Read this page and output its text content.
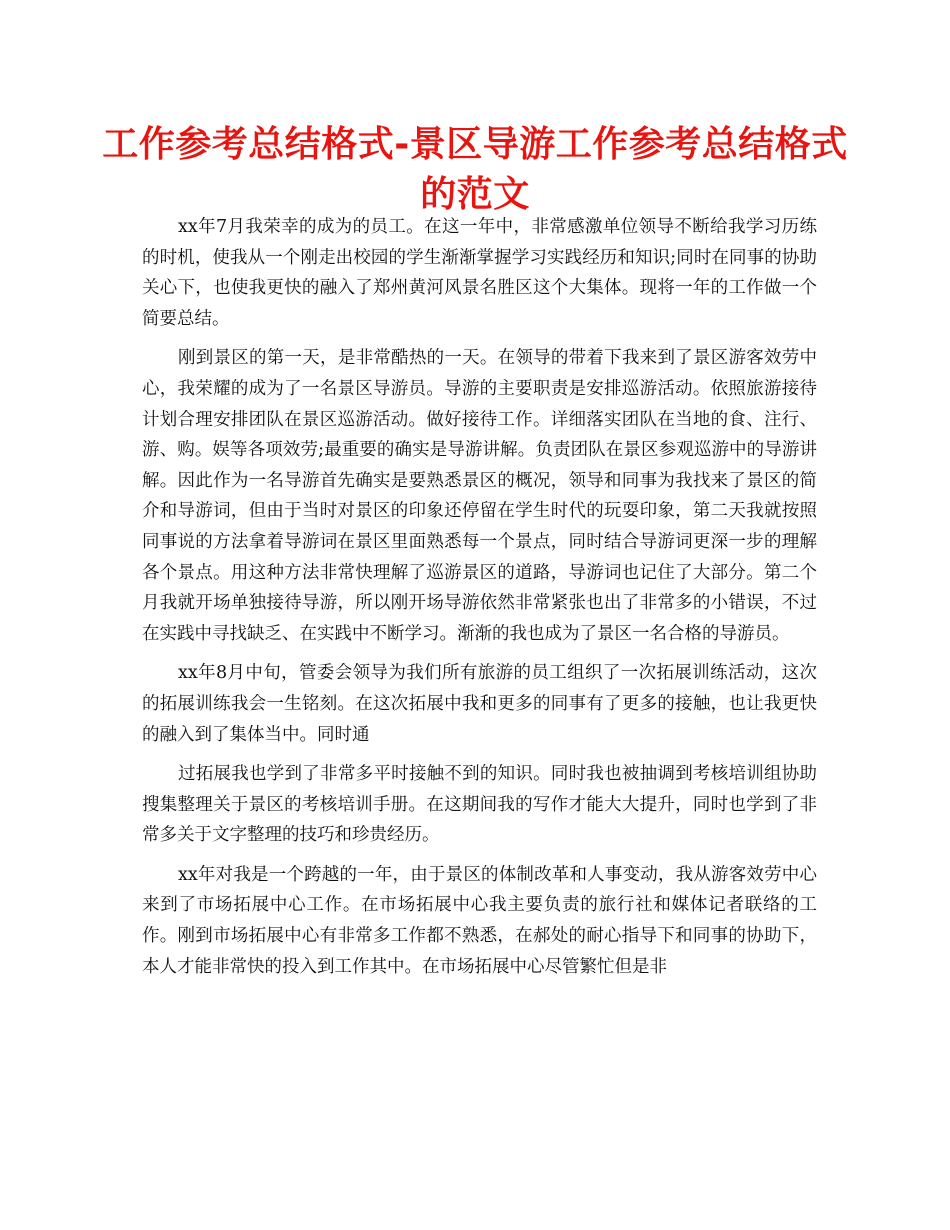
工作参考总结格式-景区导游工作参考总结格式的范文

xx年7月我荣幸的成为的员工。在这一年中，非常感激单位领导不断给我学习历练的时机，使我从一个刚走出校园的学生渐渐掌握学习实践经历和知识;同时在同事的协助关心下，也使我更快的融入了郑州黄河风景名胜区这个大集体。现将一年的工作做一个简要总结。

刚到景区的第一天，是非常酷热的一天。在领导的带着下我来到了景区游客效劳中心，我荣耀的成为了一名景区导游员。导游的主要职责是安排巡游活动。依照旅游接待计划合理安排团队在景区巡游活动。做好接待工作。详细落实团队在当地的食、注行、游、购。娱等各项效劳;最重要的确实是导游讲解。负责团队在景区参观巡游中的导游讲解。因此作为一名导游首先确实是要熟悉景区的概况，领导和同事为我找来了景区的简介和导游词，但由于当时对景区的印象还停留在学生时代的玩耍印象，第二天我就按照同事说的方法拿着导游词在景区里面熟悉每一个景点，同时结合导游词更深一步的理解各个景点。用这种方法非常快理解了巡游景区的道路，导游词也记住了大部分。第二个月我就开场单独接待导游，所以刚开场导游依然非常紧张也出了非常多的小错误，不过在实践中寻找缺乏、在实践中不断学习。渐渐的我也成为了景区一名合格的导游员。

xx年8月中旬，管委会领导为我们所有旅游的员工组织了一次拓展训练活动，这次的拓展训练我会一生铭刻。在这次拓展中我和更多的同事有了更多的接触，也让我更快的融入到了集体当中。同时通

过拓展我也学到了非常多平时接触不到的知识。同时我也被抽调到考核培训组协助搜集整理关于景区的考核培训手册。在这期间我的写作才能大大提升，同时也学到了非常多关于文字整理的技巧和珍贵经历。

xx年对我是一个跨越的一年，由于景区的体制改革和人事变动，我从游客效劳中心来到了市场拓展中心工作。在市场拓展中心我主要负责的旅行社和媒体记者联络的工作。刚到市场拓展中心有非常多工作都不熟悉，在郝处的耐心指导下和同事的协助下，本人才能非常快的投入到工作其中。在市场拓展中心尽管繁忙但是非
